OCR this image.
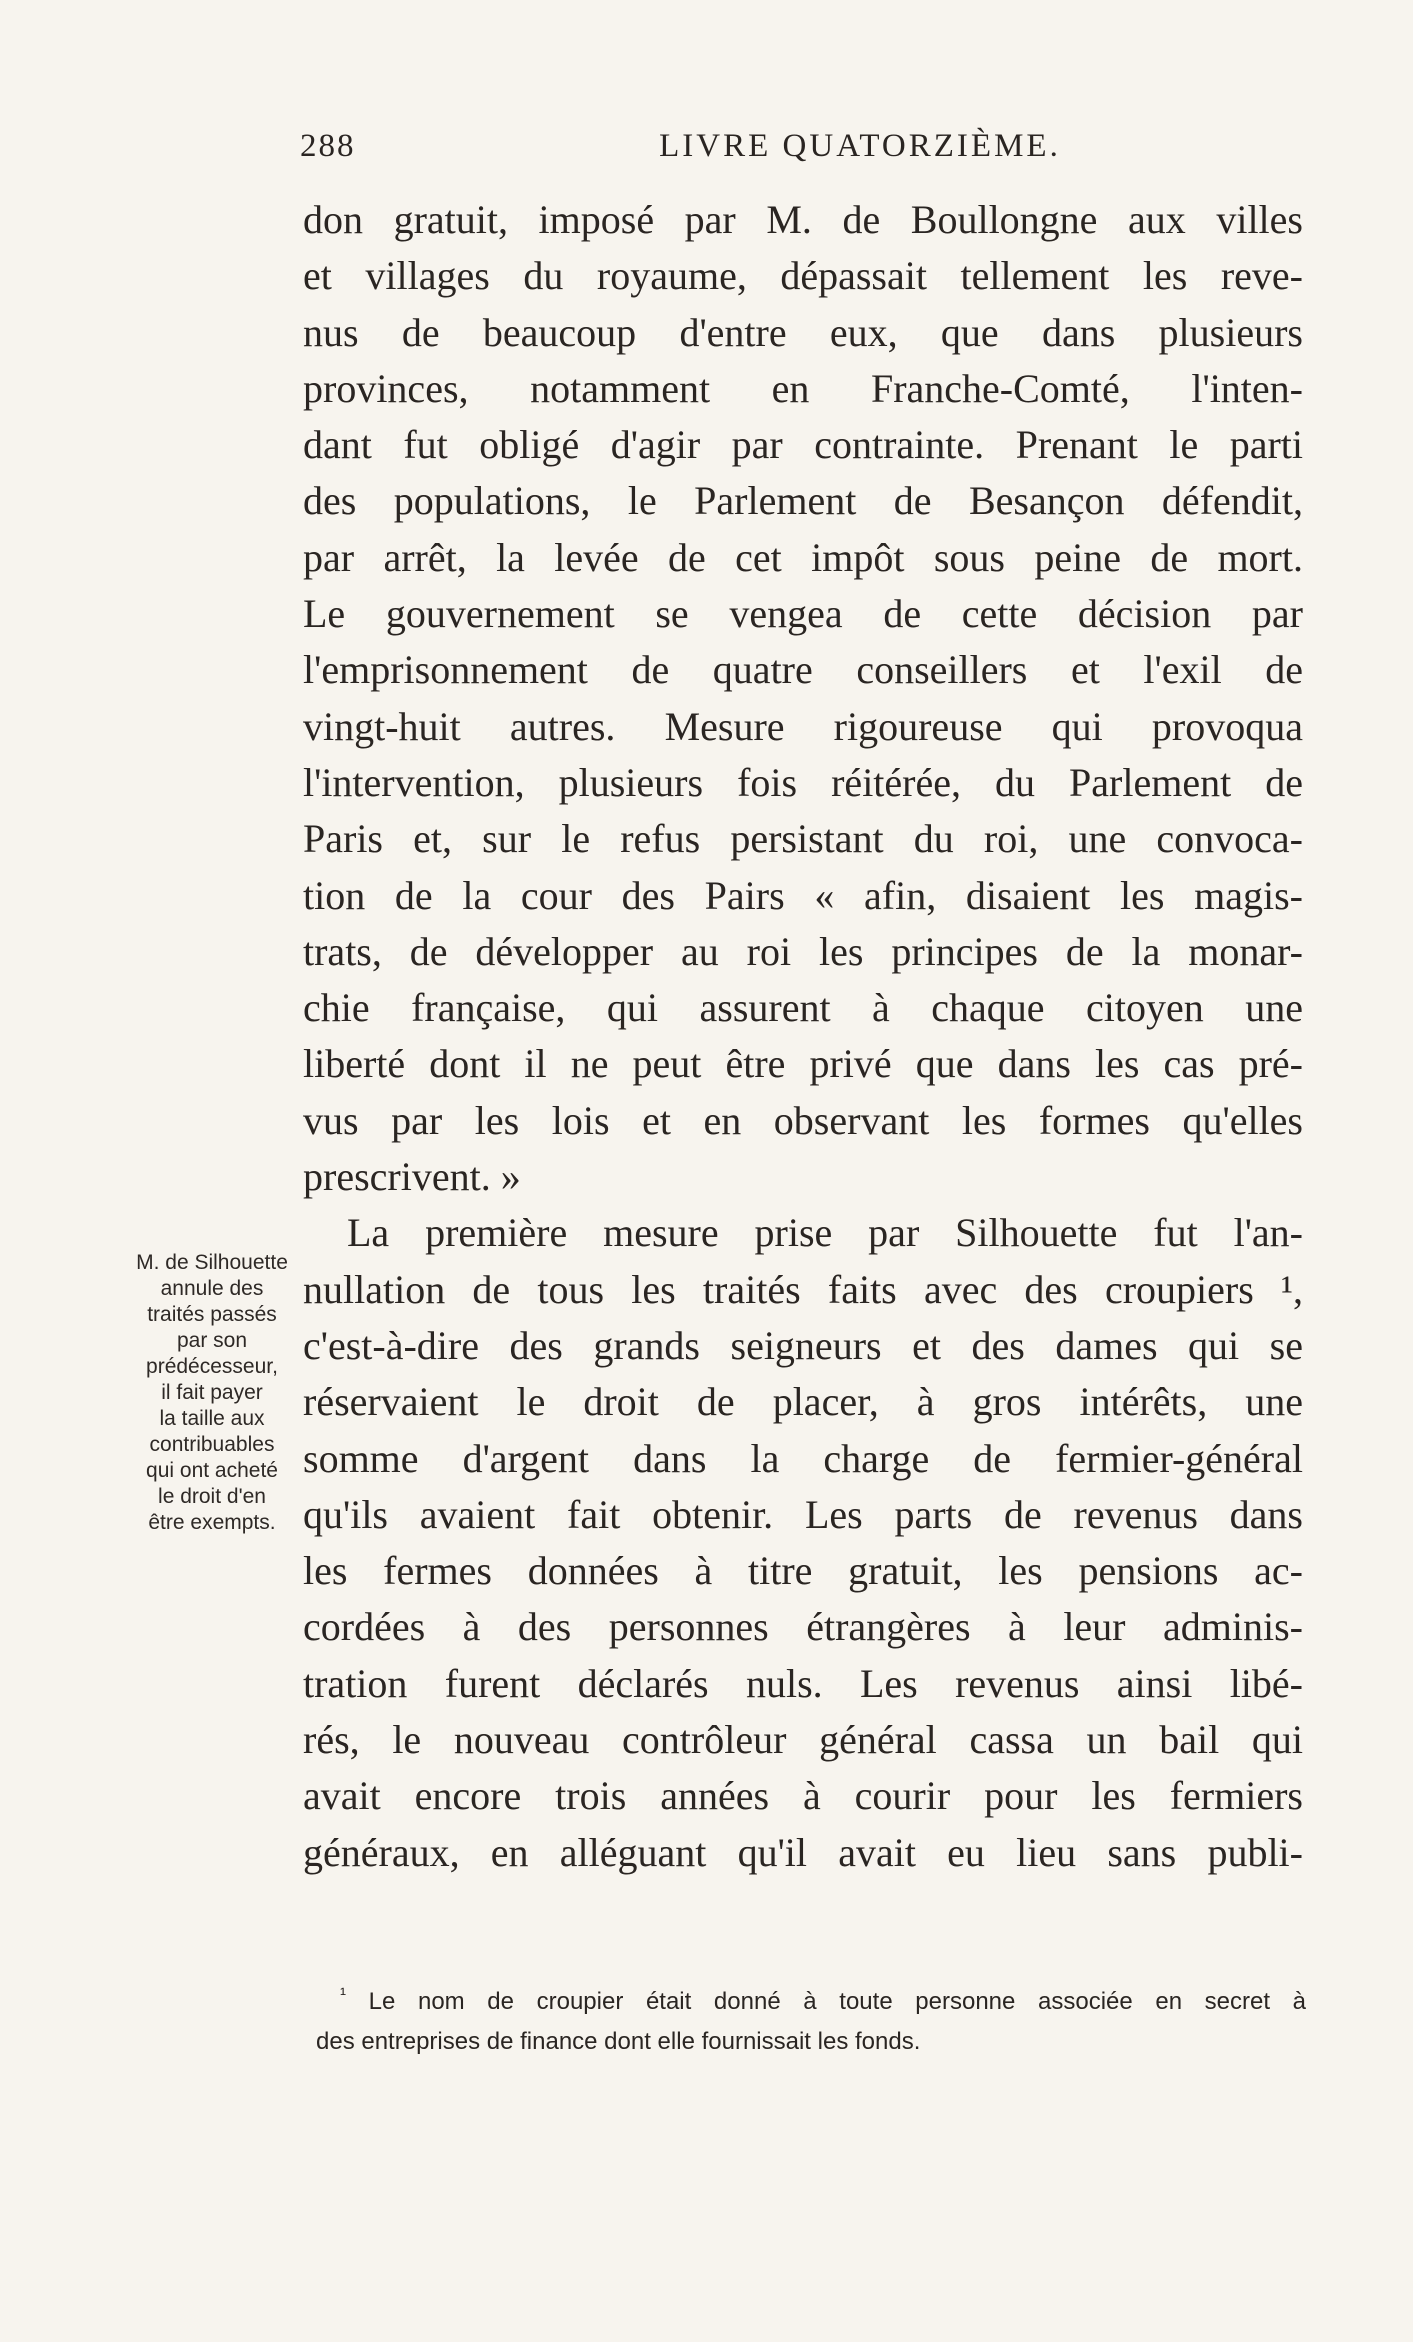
288	LIVRE QUATORZIÈME.
don gratuit, imposé par M. de Boullongne aux villes
et villages du royaume, dépassait tellement les reve-
nus de beaucoup d'entre eux, que dans plusieurs
provinces, notamment en Franche-Comté, l'inten-
dant fut obligé d'agir par contrainte. Prenant le parti
des populations, le Parlement de Besançon défendit,
par arrêt, la levée de cet impôt sous peine de mort.
Le gouvernement se vengea de cette décision par
l'emprisonnement de quatre conseillers et l'exil de
vingt-huit autres. Mesure rigoureuse qui provoqua
l'intervention, plusieurs fois réitérée, du Parlement de
Paris et, sur le refus persistant du roi, une convoca-
tion de la cour des Pairs « afin, disaient les magis-
trats, de développer au roi les principes de la monar-
chie française, qui assurent à chaque citoyen une
liberté dont il ne peut être privé que dans les cas pré-
vus par les lois et en observant les formes qu'elles
prescrivent. »
La première mesure prise par Silhouette fut l'an-
nullation de tous les traités faits avec des croupiers ¹,
c'est-à-dire des grands seigneurs et des dames qui se
réservaient le droit de placer, à gros intérêts, une
somme d'argent dans la charge de fermier-général
qu'ils avaient fait obtenir. Les parts de revenus dans
les fermes données à titre gratuit, les pensions ac-
cordées à des personnes étrangères à leur adminis-
tration furent déclarés nuls. Les revenus ainsi libé-
rés, le nouveau contrôleur général cassa un bail qui
avait encore trois années à courir pour les fermiers
généraux, en alléguant qu'il avait eu lieu sans publi-
M. de Silhouette
annule des
traités passés
par son
prédécesseur,
il fait payer
la taille aux
contribuables
qui ont acheté
le droit d'en
être exempts.
$^{^1}$ Le nom de croupier était donné à toute personne associée en secret à
des entreprises de finance dont elle fournissait les fonds.
